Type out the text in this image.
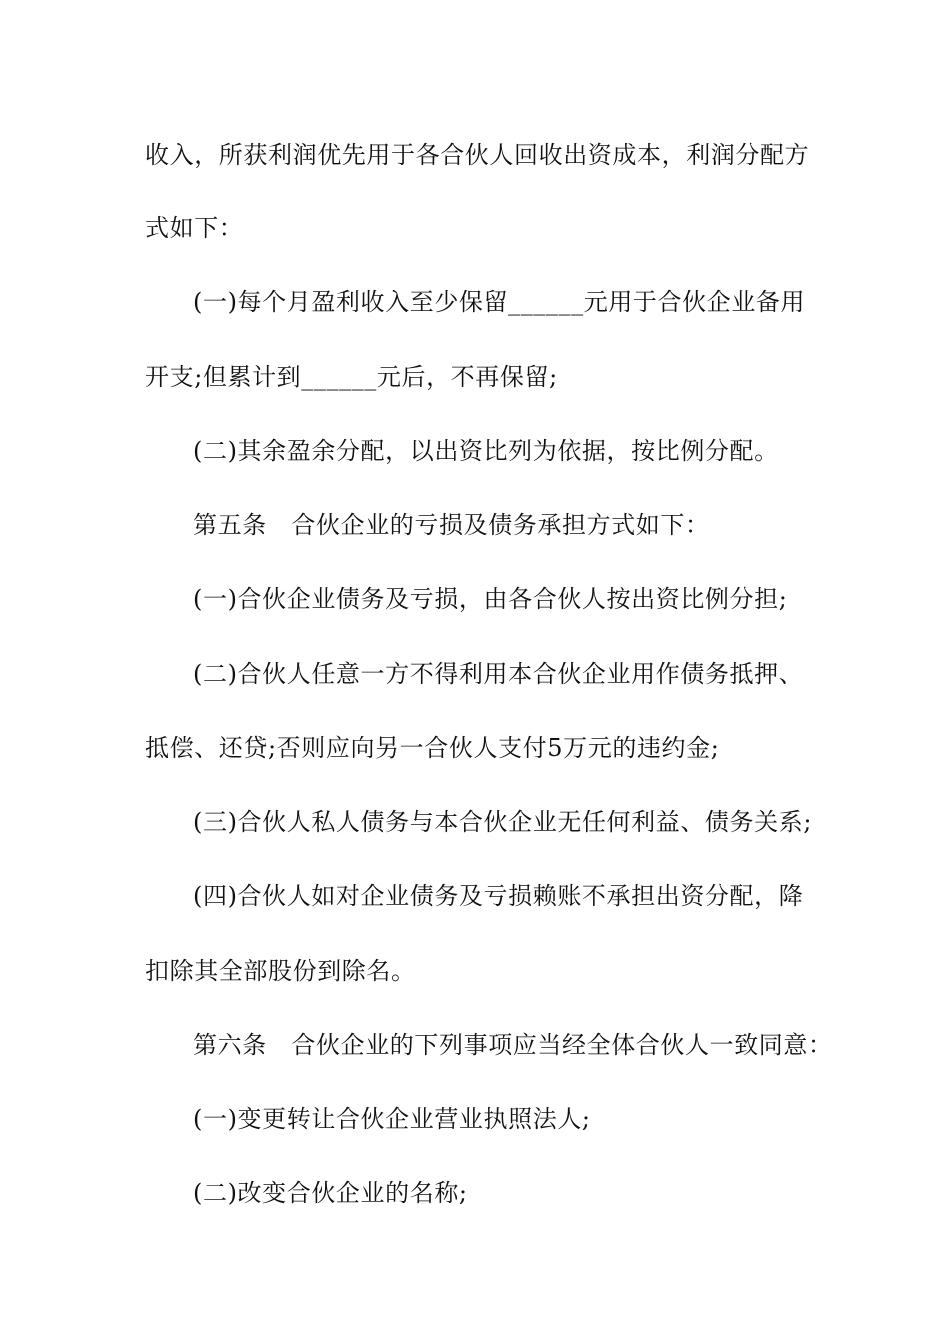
收入，所获利润优先用于各合伙人回收出资成本，利润分配方
式如下：
(一)每个月盈利收入至少保留______元用于合伙企业备用
开支;但累计到______元后，不再保留;
(二)其余盈余分配，以出资比列为依据，按比例分配。
第五条　合伙企业的亏损及债务承担方式如下：
(一)合伙企业债务及亏损，由各合伙人按出资比例分担;
(二)合伙人任意一方不得利用本合伙企业用作债务抵押、
抵偿、还贷;否则应向另一合伙人支付5万元的违约金;
(三)合伙人私人债务与本合伙企业无任何利益、债务关系;
(四)合伙人如对企业债务及亏损赖账不承担出资分配，降
扣除其全部股份到除名。
第六条　合伙企业的下列事项应当经全体合伙人一致同意：
(一)变更转让合伙企业营业执照法人;
(二)改变合伙企业的名称;
